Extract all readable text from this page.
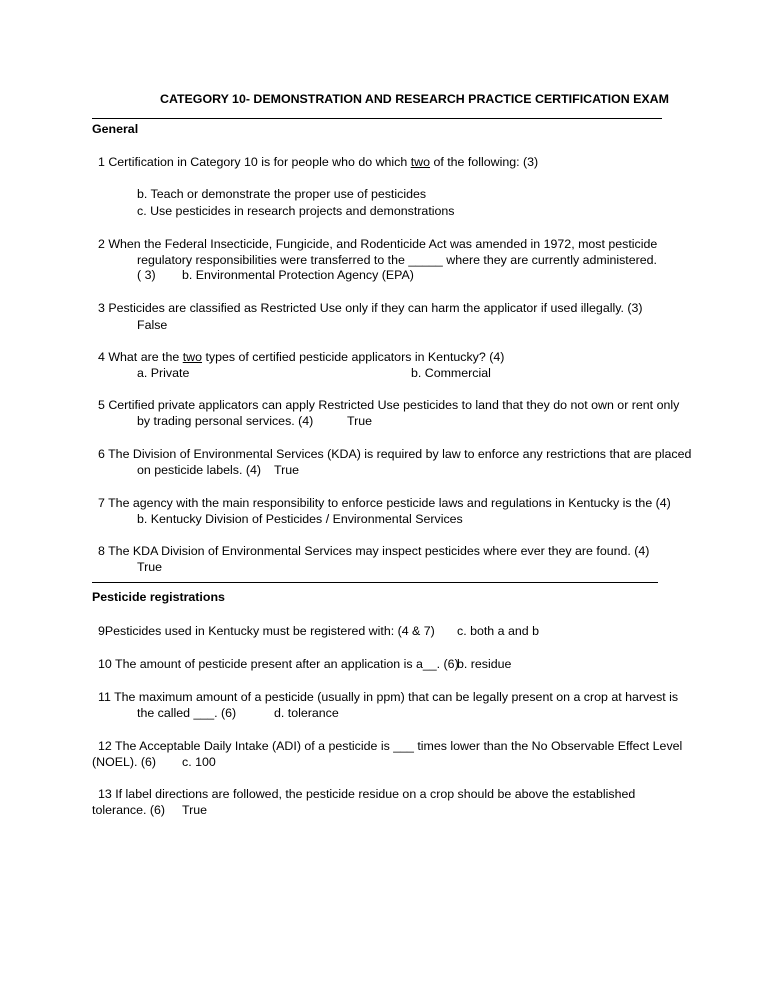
CATEGORY 10- DEMONSTRATION AND RESEARCH PRACTICE CERTIFICATION EXAM
General
1 Certification in Category 10 is for people who do which two of the following: (3)
b. Teach or demonstrate the proper use of pesticides
c. Use pesticides in research projects and demonstrations
2 When the Federal Insecticide, Fungicide, and Rodenticide Act was amended in 1972, most pesticide
regulatory responsibilities were transferred to the _____ where they are currently administered.
( 3) b. Environmental Protection Agency (EPA)
3 Pesticides are classified as Restricted Use only if they can harm the applicator if used illegally. (3)
False
4 What are the two types of certified pesticide applicators in Kentucky? (4)
a. Private	b. Commercial
5 Certified private applicators can apply Restricted Use pesticides to land that they do not own or rent only
by trading personal services. (4)	True
6 The Division of Environmental Services (KDA) is required by law to enforce any restrictions that are placed
on pesticide labels. (4) True
7 The agency with the main responsibility to enforce pesticide laws and regulations in Kentucky is the (4)
b. Kentucky Division of Pesticides / Environmental Services
8 The KDA Division of Environmental Services may inspect pesticides where ever they are found. (4)
True
Pesticide registrations
9Pesticides used in Kentucky must be registered with: (4 & 7) c. both a and b
10 The amount of pesticide present after an application is a__. (6)
b. residue
11 The maximum amount of a pesticide (usually in ppm) that can be legally present on a crop at harvest is
the called ___. (6)	d. tolerance
12 The Acceptable Daily Intake (ADI) of a pesticide is ___ times lower than the No Observable Effect Level
(NOEL). (6) c. 100
13 If label directions are followed, the pesticide residue on a crop should be above the established
tolerance. (6) True
